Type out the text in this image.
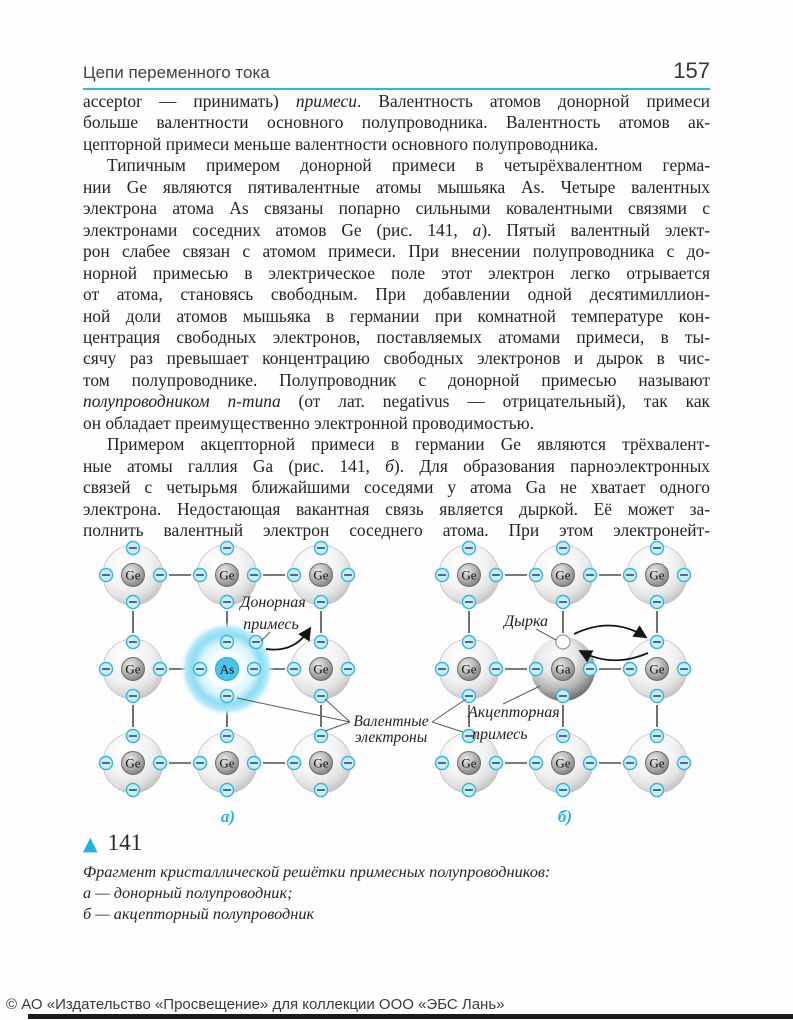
Цепи переменного тока	157
acceptor — принимать) примеси. Валентность атомов донорной примеси
больше валентности основного полупроводника. Валентность атомов ак-
цепторной примеси меньше валентности основного полупроводника.
Типичным примером донорной примеси в четырёхвалентном герма-
нии Ge являются пятивалентные атомы мышьяка As. Четыре валентных
электрона атома As связаны попарно сильными ковалентными связями с
электронами соседних атомов Ge (рис. 141, а). Пятый валентный элект-
рон слабее связан с атомом примеси. При внесении полупроводника с до-
норной примесью в электрическое поле этот электрон легко отрывается
от атома, становясь свободным. При добавлении одной десятимиллион-
ной доли атомов мышьяка в германии при комнатной температуре кон-
центрация свободных электронов, поставляемых атомами примеси, в ты-
сячу раз превышает концентрацию свободных электронов и дырок в чис-
том полупроводнике. Полупроводник с донорной примесью называют
полупроводником n-типа (от лат. negativus — отрицательный), так как
он обладает преимущественно электронной проводимостью.
Примером акцепторной примеси в германии Ge являются трёхвалент-
ные атомы галлия Ga (рис. 141, б). Для образования парноэлектронных
связей с четырьмя ближайшими соседями у атома Ga не хватает одного
электрона. Недостающая вакантная связь является дыркой. Её может за-
полнить валентный электрон соседнего атома. При этом электронейт-
Ge	Ge	Ge
Ge	As	Ge
Ge	Ge	Ge
Ge	Ge	Ge
Ge	Ga	Ge
Ge	Ge	Ge
Донорная
примесь	Дырка
Акцепторная
примесь
Валентные
электроны
а)	б)
▲ 141
Фрагмент кристаллической решётки примесных полупроводников:
а — донорный полупроводник;
б — акцепторный полупроводник
© АО «Издательство «Просвещение» для коллекции ООО «ЭБС Лань»
